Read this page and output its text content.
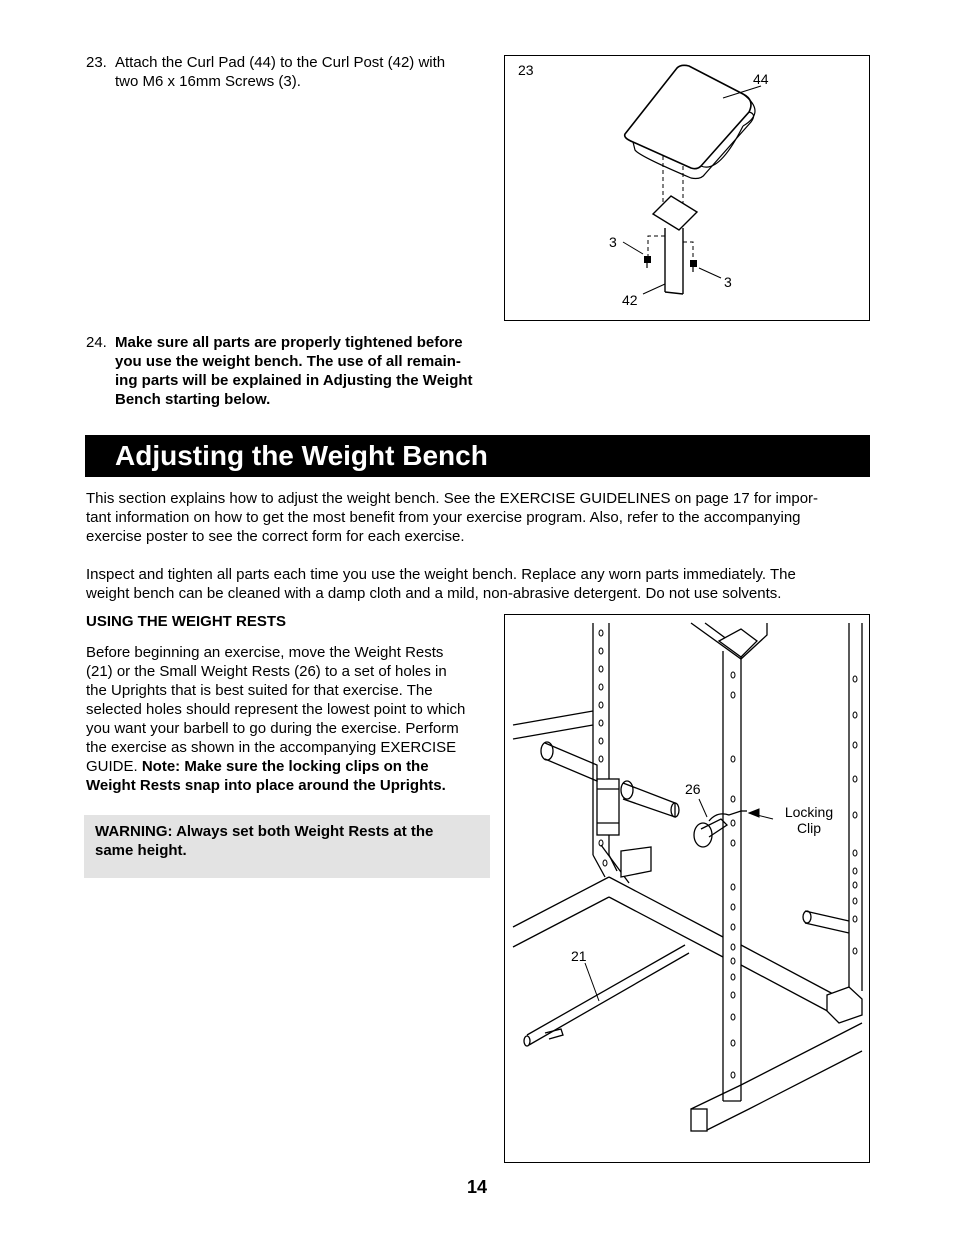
23. Attach the Curl Pad (44) to the Curl Post (42) with
two M6 x 16mm Screws (3).
23
44
3
3
42
24. Make sure all parts are properly tightened before
you use the weight bench. The use of all remain-
ing parts will be explained in Adjusting the Weight
Bench starting below.
Adjusting the Weight Bench
This section explains how to adjust the weight bench. See the EXERCISE GUIDELINES on page 17 for impor-
tant information on how to get the most benefit from your exercise program. Also, refer to the accompanying
exercise poster to see the correct form for each exercise.
Inspect and tighten all parts each time you use the weight bench. Replace any worn parts immediately. The
weight bench can be cleaned with a damp cloth and a mild, non-abrasive detergent. Do not use solvents.
USING THE WEIGHT RESTS
Before beginning an exercise, move the Weight Rests
(21) or the Small Weight Rests (26) to a set of holes in
the Uprights that is best suited for that exercise. The
selected holes should represent the lowest point to which
you want your barbell to go during the exercise. Perform
the exercise as shown in the accompanying EXERCISE
GUIDE. Note: Make sure the locking clips on the
Weight Rests snap into place around the Uprights.

WARNING: Always set both Weight Rests at the
same height.

26
Locking
Clip
21
14
